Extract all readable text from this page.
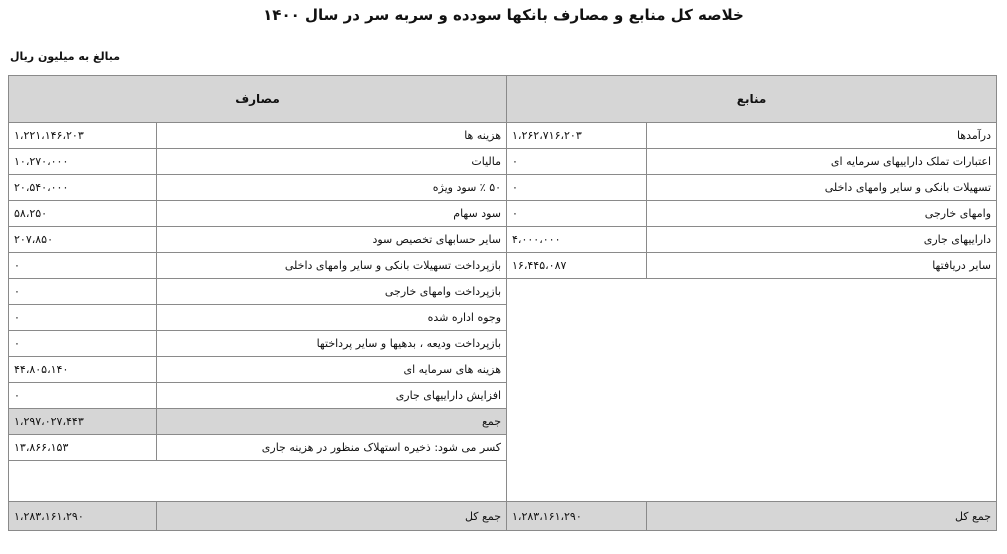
خلاصه کل منابع و مصارف بانکها سودده و سربه سر در سال ۱۴۰۰
مبالغ به میلیون ریال
منابع		مصارف	
درآمدها	۱،۲۶۲،۷۱۶،۲۰۳	هزینه ها	۱،۲۲۱،۱۴۶،۲۰۳
اعتبارات تملک داراییهای سرمایه ای	۰	مالیات	۱۰،۲۷۰،۰۰۰
تسهیلات بانکی و سایر وامهای داخلی	۰	۵۰ ٪ سود ویژه	۲۰،۵۴۰،۰۰۰
وامهای خارجی	۰	سود سهام	۵۸،۲۵۰
داراییهای جاری	۴،۰۰۰،۰۰۰	سایر حسابهای تخصیص سود	۲۰۷،۸۵۰
سایر دریافتها	۱۶،۴۴۵،۰۸۷	بازپرداخت تسهیلات بانکی و سایر وامهای داخلی	۰
		بازپرداخت وامهای خارجی	۰
		وجوه اداره شده	۰
		بازپرداخت ودیعه ، بدهیها و سایر پرداختها	۰
		هزینه های سرمایه ای	۴۴،۸۰۵،۱۴۰
		افزایش داراییهای جاری	۰
		جمع	۱،۲۹۷،۰۲۷،۴۴۳
		کسر می شود: ذخیره استهلاک منظور در هزینه جاری	۱۳،۸۶۶،۱۵۳

جمع کل	۱،۲۸۳،۱۶۱،۲۹۰	جمع کل	۱،۲۸۳،۱۶۱،۲۹۰
